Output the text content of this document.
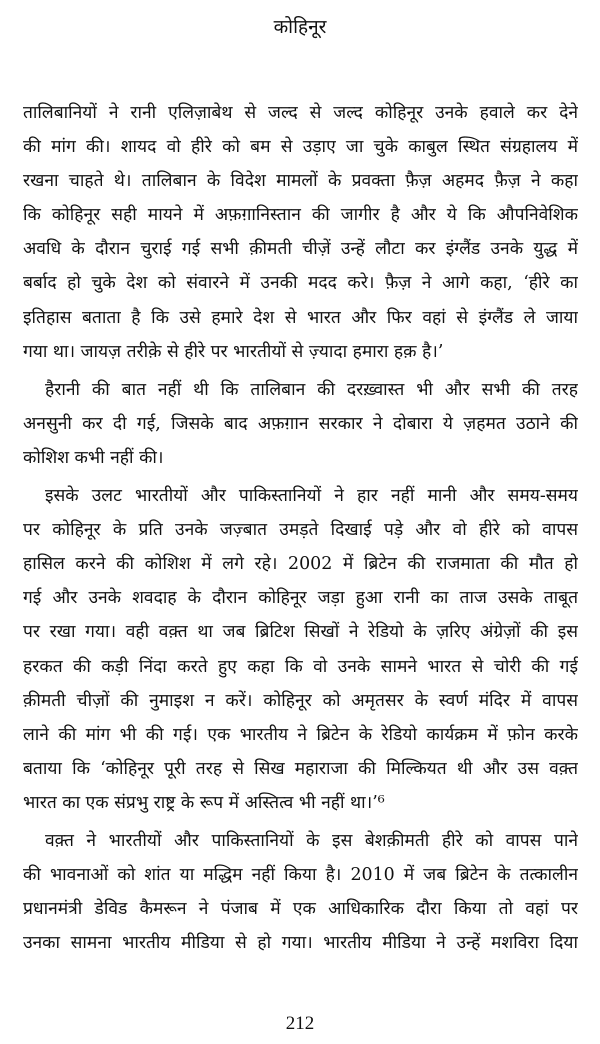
कोहिनूर
तालिबानियों ने रानी एलिज़ाबेथ से जल्द से जल्द कोहिनूर उनके हवाले कर देने
की मांग की। शायद वो हीरे को बम से उड़ाए जा चुके काबुल स्थित संग्रहालय में
रखना चाहते थे। तालिबान के विदेश मामलों के प्रवक्ता फ़ैज़ अहमद फ़ैज़ ने कहा
कि कोहिनूर सही मायने में अफ़ग़ानिस्तान की जागीर है और ये कि औपनिवेशिक
अवधि के दौरान चुराई गई सभी क़ीमती चीज़ें उन्हें लौटा कर इंग्लैंड उनके युद्ध में
बर्बाद हो चुके देश को संवारने में उनकी मदद करे। फ़ैज़ ने आगे कहा, ‘हीरे का
इतिहास बताता है कि उसे हमारे देश से भारत और फिर वहां से इंग्लैंड ले जाया
गया था। जायज़ तरीक़े से हीरे पर भारतीयों से ज़्यादा हमारा हक़ है।’
हैरानी की बात नहीं थी कि तालिबान की दरख़्वास्त भी और सभी की तरह
अनसुनी कर दी गई, जिसके बाद अफ़ग़ान सरकार ने दोबारा ये ज़हमत उठाने की
कोशिश कभी नहीं की।
इसके उलट भारतीयों और पाकिस्तानियों ने हार नहीं मानी और समय-समय
पर कोहिनूर के प्रति उनके जज़्बात उमड़ते दिखाई पड़े और वो हीरे को वापस
हासिल करने की कोशिश में लगे रहे। 2002 में ब्रिटेन की राजमाता की मौत हो
गई और उनके शवदाह के दौरान कोहिनूर जड़ा हुआ रानी का ताज उसके ताबूत
पर रखा गया। वही वक़्त था जब ब्रिटिश सिखों ने रेडियो के ज़रिए अंग्रेज़ों की इस
हरकत की कड़ी निंदा करते हुए कहा कि वो उनके सामने भारत से चोरी की गई
क़ीमती चीज़ों की नुमाइश न करें। कोहिनूर को अमृतसर के स्वर्ण मंदिर में वापस
लाने की मांग भी की गई। एक भारतीय ने ब्रिटेन के रेडियो कार्यक्रम में फ़ोन करके
बताया कि ‘कोहिनूर पूरी तरह से सिख महाराजा की मिल्कियत थी और उस वक़्त
भारत का एक संप्रभु राष्ट्र के रूप में अस्तित्व भी नहीं था।’⁶
वक़्त ने भारतीयों और पाकिस्तानियों के इस बेशक़ीमती हीरे को वापस पाने
की भावनाओं को शांत या मद्धिम नहीं किया है। 2010 में जब ब्रिटेन के तत्कालीन
प्रधानमंत्री डेविड कैमरून ने पंजाब में एक आधिकारिक दौरा किया तो वहां पर
उनका सामना भारतीय मीडिया से हो गया। भारतीय मीडिया ने उन्हें मशविरा दिया
212
